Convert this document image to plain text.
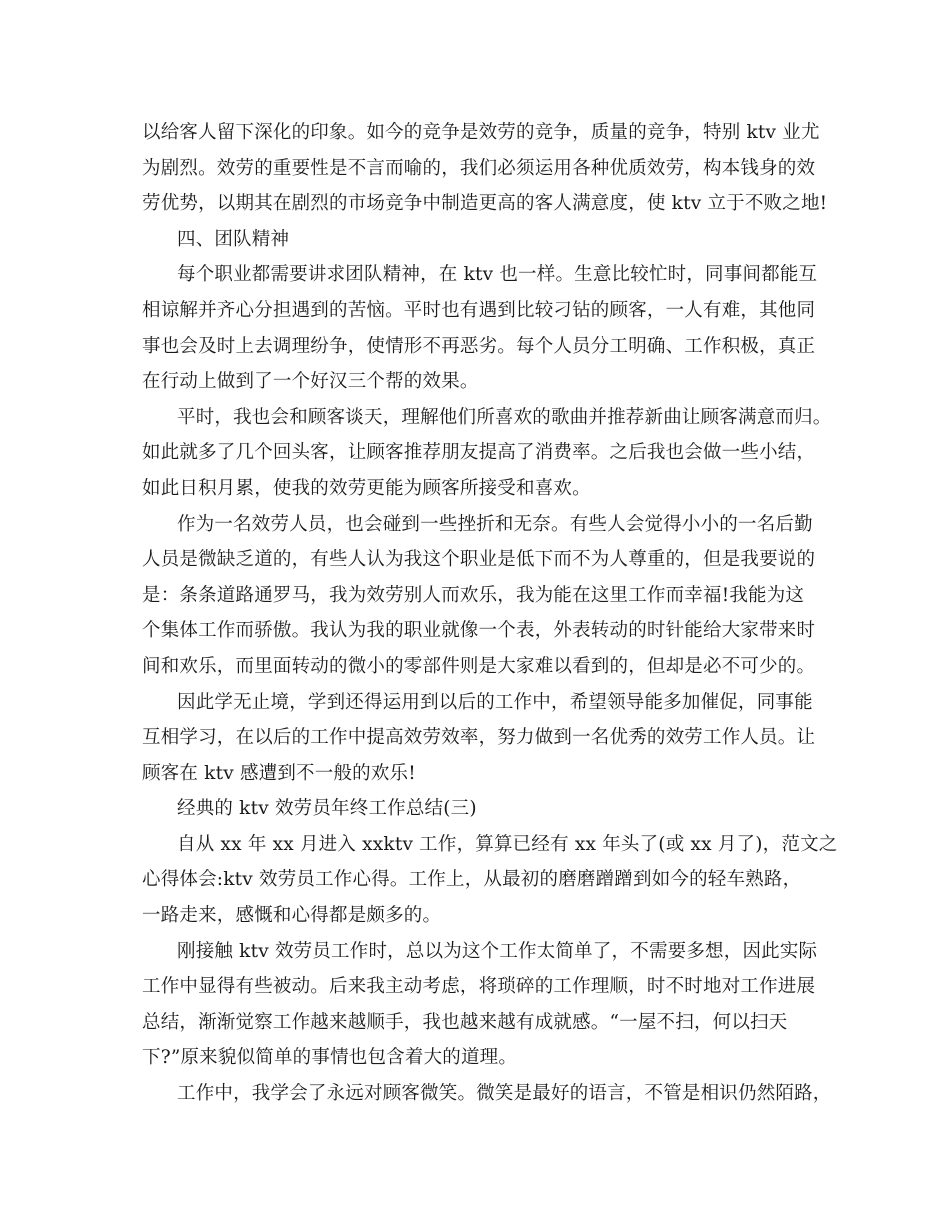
以给客人留下深化的印象。如今的竞争是效劳的竞争，质量的竞争，特别 ktv 业尤
为剧烈。效劳的重要性是不言而喻的，我们必须运用各种优质效劳，构本钱身的效
劳优势，以期其在剧烈的市场竞争中制造更高的客人满意度，使 ktv 立于不败之地!
四、团队精神
每个职业都需要讲求团队精神，在 ktv 也一样。生意比较忙时，同事间都能互
相谅解并齐心分担遇到的苦恼。平时也有遇到比较刁钻的顾客，一人有难，其他同
事也会及时上去调理纷争，使情形不再恶劣。每个人员分工明确、工作积极，真正
在行动上做到了一个好汉三个帮的效果。
平时，我也会和顾客谈天，理解他们所喜欢的歌曲并推荐新曲让顾客满意而归。
如此就多了几个回头客，让顾客推荐朋友提高了消费率。之后我也会做一些小结，
如此日积月累，使我的效劳更能为顾客所接受和喜欢。
作为一名效劳人员，也会碰到一些挫折和无奈。有些人会觉得小小的一名后勤
人员是微缺乏道的，有些人认为我这个职业是低下而不为人尊重的，但是我要说的
是：条条道路通罗马，我为效劳别人而欢乐，我为能在这里工作而幸福!我能为这
个集体工作而骄傲。我认为我的职业就像一个表，外表转动的时针能给大家带来时
间和欢乐，而里面转动的微小的零部件则是大家难以看到的，但却是必不可少的。
因此学无止境，学到还得运用到以后的工作中，希望领导能多加催促，同事能
互相学习，在以后的工作中提高效劳效率，努力做到一名优秀的效劳工作人员。让
顾客在 ktv 感遭到不一般的欢乐!
经典的 ktv 效劳员年终工作总结(三)
自从 xx 年 xx 月进入 xxktv 工作，算算已经有 xx 年头了(或 xx 月了)，范文之
心得体会:ktv 效劳员工作心得。工作上，从最初的磨磨蹭蹭到如今的轻车熟路，
一路走来，感慨和心得都是颇多的。
刚接触 ktv 效劳员工作时，总以为这个工作太简单了，不需要多想，因此实际
工作中显得有些被动。后来我主动考虑，将琐碎的工作理顺，时不时地对工作进展
总结，渐渐觉察工作越来越顺手，我也越来越有成就感。“一屋不扫，何以扫天
下?”原来貌似简单的事情也包含着大的道理。
工作中，我学会了永远对顾客微笑。微笑是最好的语言，不管是相识仍然陌路，
